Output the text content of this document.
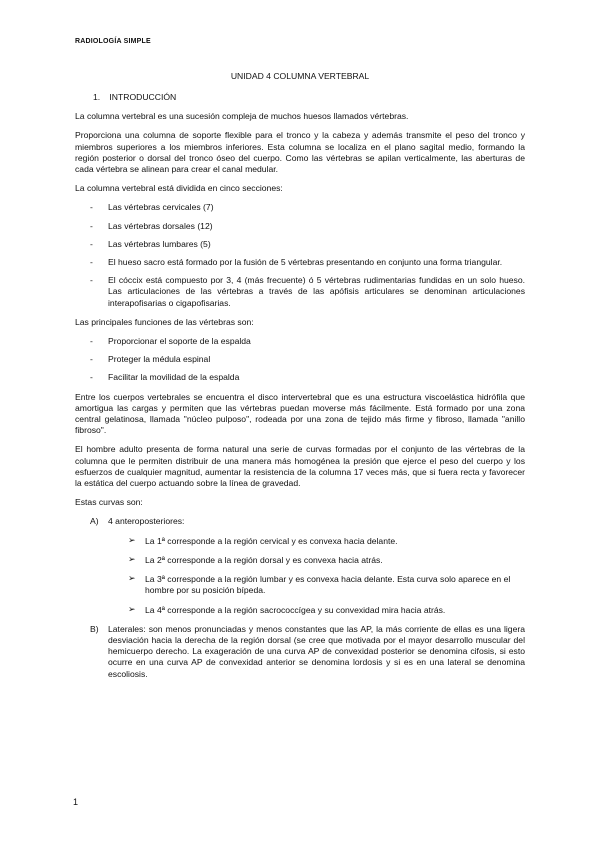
RADIOLOGÍA SIMPLE
UNIDAD 4 COLUMNA VERTEBRAL
1. INTRODUCCIÓN

La columna vertebral es una sucesión compleja de muchos huesos llamados vértebras.

Proporciona una columna de soporte flexible para el tronco y la cabeza y además transmite el peso del tronco y miembros superiores a los miembros inferiores. Esta columna se localiza en el plano sagital medio, formando la región posterior o dorsal del tronco óseo del cuerpo. Como las vértebras se apilan verticalmente, las aberturas de cada vértebra se alinean para crear el canal medular.

La columna vertebral está dividida en cinco secciones:

- Las vértebras cervicales (7)
- Las vértebras dorsales (12)
- Las vértebras lumbares (5)
- El hueso sacro está formado por la fusión de 5 vértebras presentando en conjunto una forma triangular.
- El cóccix está compuesto por 3, 4 (más frecuente) ó 5 vértebras rudimentarias fundidas en un solo hueso. Las articulaciones de las vértebras a través de las apófisis articulares se denominan articulaciones interapofisarias o cigapofisarias.

Las principales funciones de las vértebras son:

- Proporcionar el soporte de la espalda
- Proteger la médula espinal
- Facilitar la movilidad de la espalda

Entre los cuerpos vertebrales se encuentra el disco intervertebral que es una estructura viscoelástica hidrófila que amortigua las cargas y permiten que las vértebras puedan moverse más fácilmente. Está formado por una zona central gelatinosa, llamada "núcleo pulposo", rodeada por una zona de tejido más firme y fibroso, llamada "anillo fibroso".

El hombre adulto presenta de forma natural una serie de curvas formadas por el conjunto de las vértebras de la columna que le permiten distribuir de una manera más homogénea la presión que ejerce el peso del cuerpo y los esfuerzos de cualquier magnitud, aumentar la resistencia de la columna 17 veces más, que si fuera recta y favorecer la estática del cuerpo actuando sobre la línea de gravedad.

Estas curvas son:

A) 4 anteroposteriores:
➢ La 1ª corresponde a la región cervical y es convexa hacia delante.
➢ La 2ª corresponde a la región dorsal y es convexa hacia atrás.
➢ La 3ª corresponde a la región lumbar y es convexa hacia delante. Esta curva solo aparece en el hombre por su posición bípeda.
➢ La 4ª corresponde a la región sacrococcígea y su convexidad mira hacia atrás.
B) Laterales: son menos pronunciadas y menos constantes que las AP, la más corriente de ellas es una ligera desviación hacia la derecha de la región dorsal (se cree que motivada por el mayor desarrollo muscular del hemicuerpo derecho. La exageración de una curva AP de convexidad posterior se denomina cifosis, si esto ocurre en una curva AP de convexidad anterior se denomina lordosis y si es en una lateral se denomina escoliosis.
1
